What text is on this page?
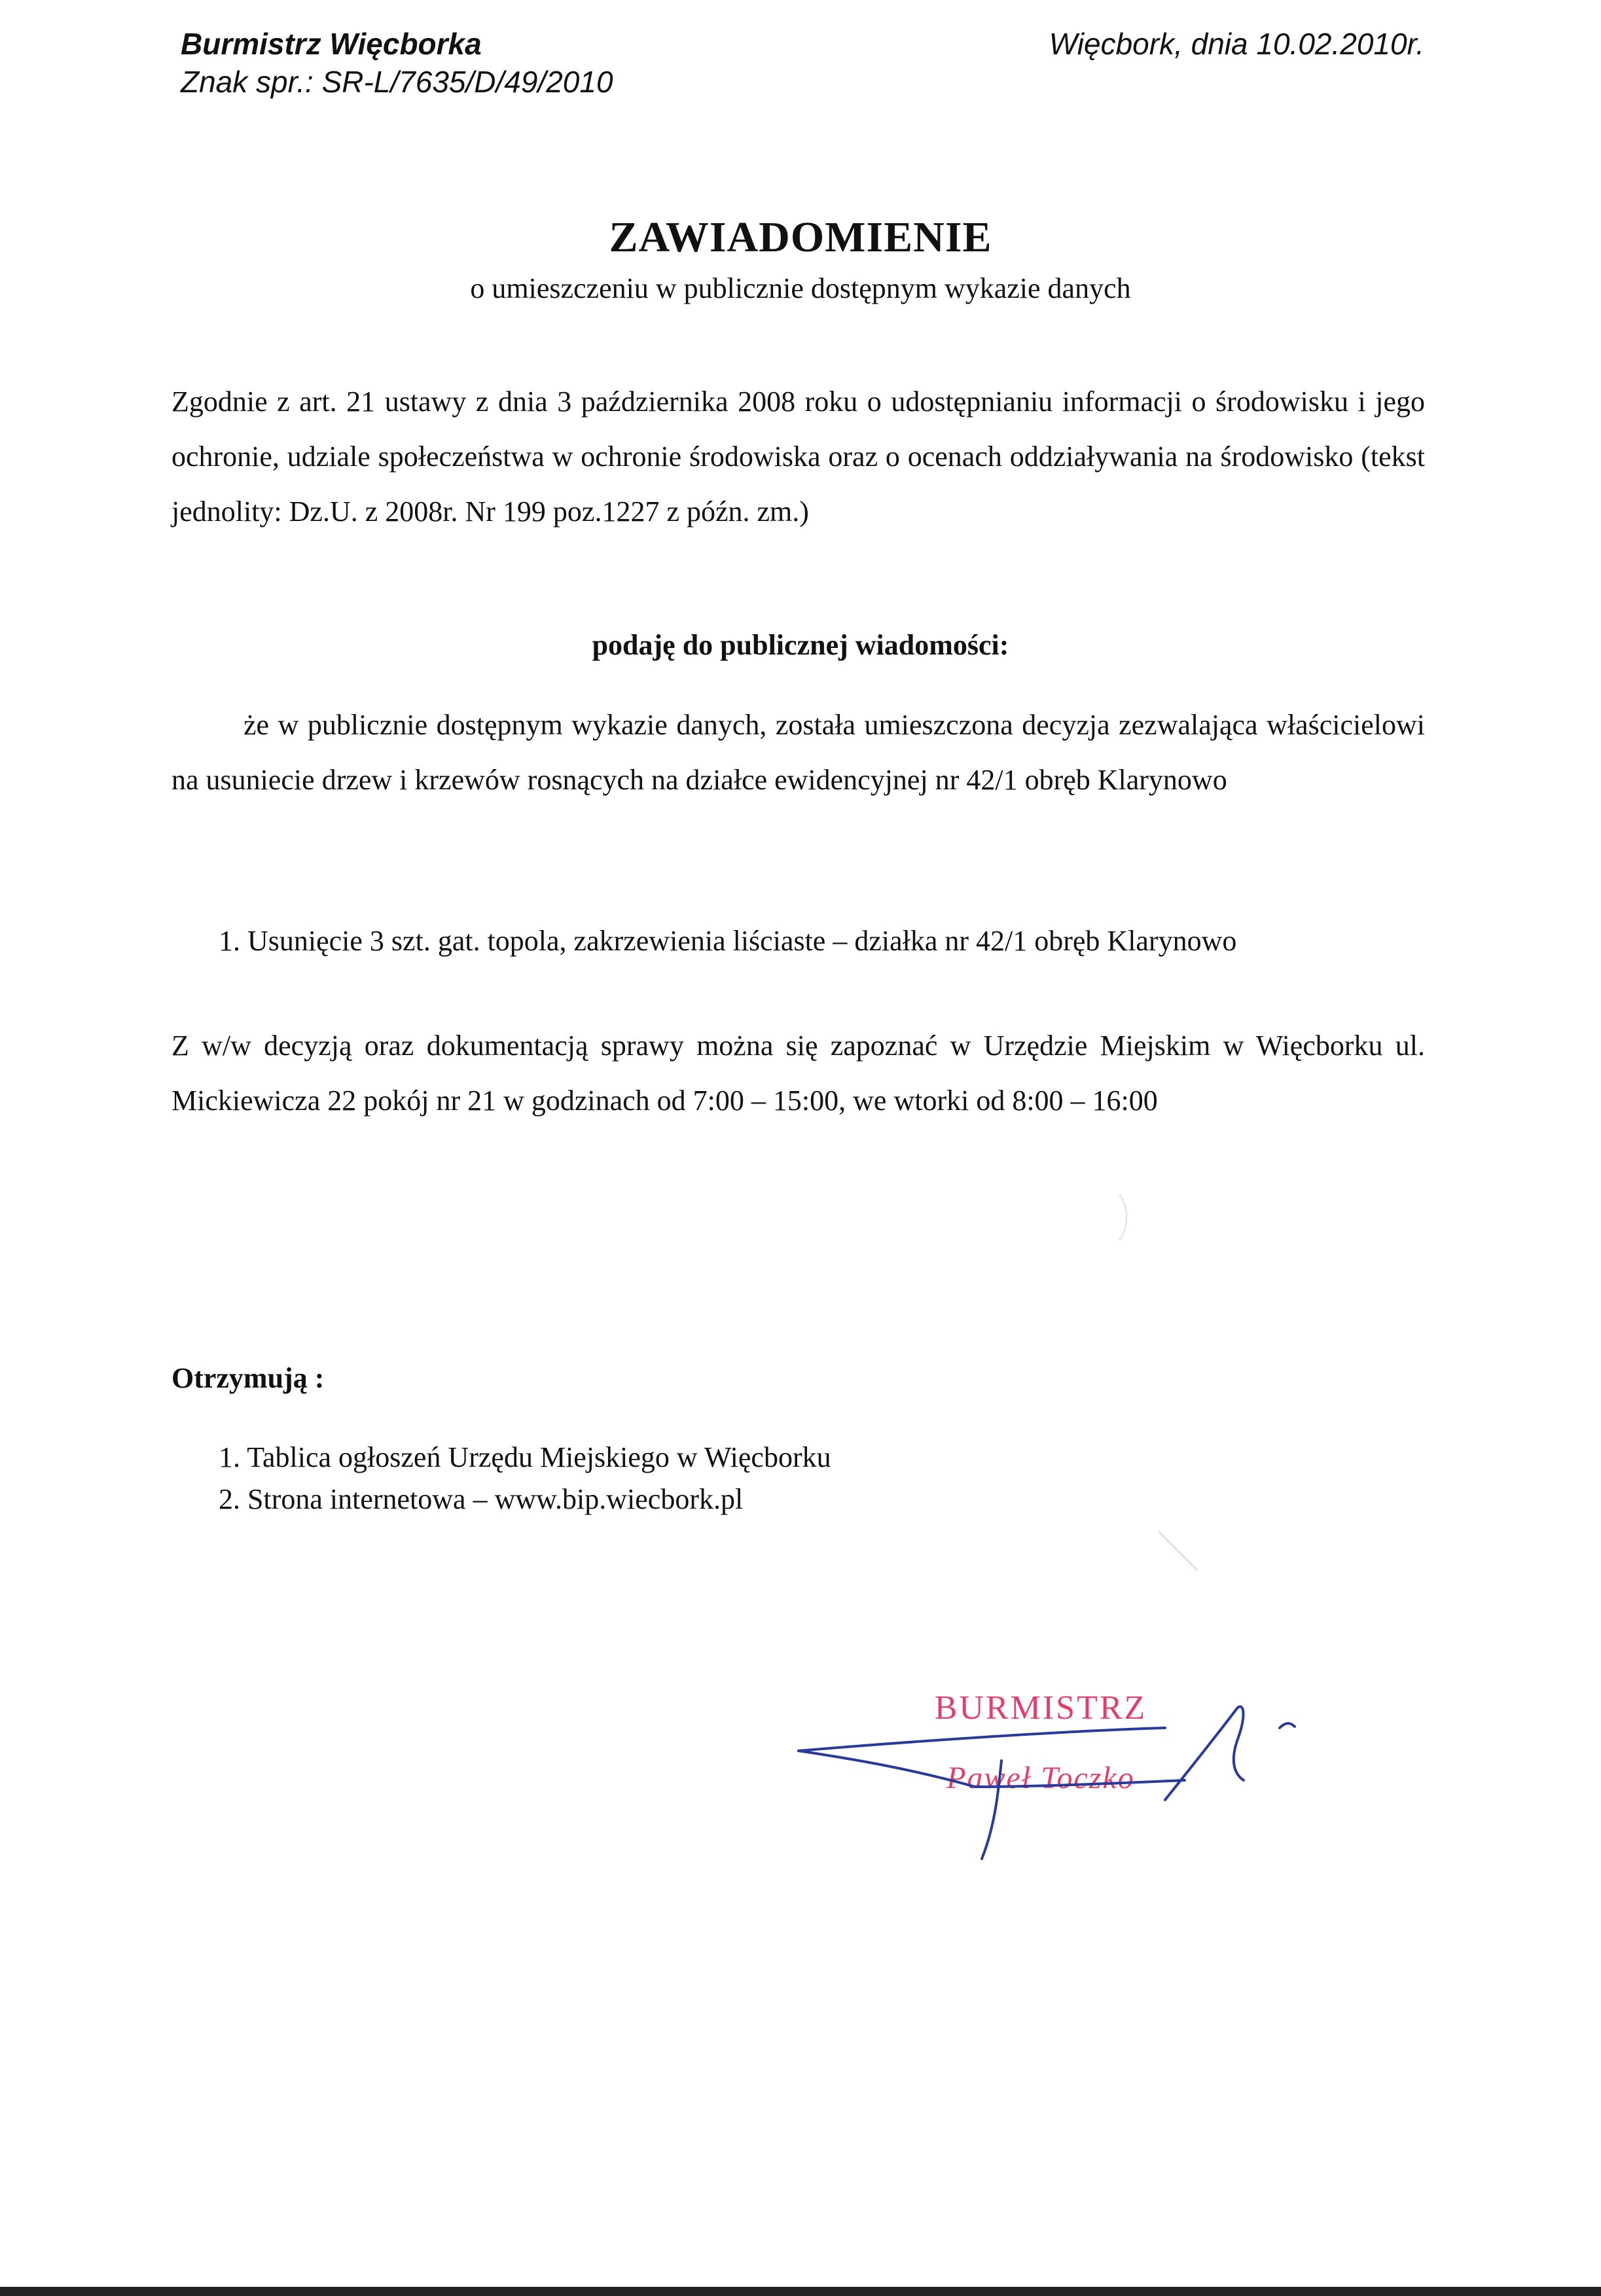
Burmistrz Więcborka
Znak spr.: SR-L/7635/D/49/2010
Więcbork, dnia 10.02.2010r.
ZAWIADOMIENIE
o umieszczeniu w publicznie dostępnym wykazie danych
Zgodnie z art. 21 ustawy z dnia 3 października 2008 roku o udostępnianiu informacji o środowisku i jego ochronie, udziale społeczeństwa w ochronie środowiska oraz o ocenach oddziaływania na środowisko (tekst jednolity: Dz.U. z 2008r. Nr 199 poz.1227 z późn. zm.)
podaję do publicznej wiadomości:
że w publicznie dostępnym wykazie danych, została umieszczona decyzja zezwalająca właścicielowi na usuniecie drzew i krzewów rosnących na działce ewidencyjnej nr 42/1 obręb Klarynowo
1. Usunięcie 3 szt. gat. topola, zakrzewienia liściaste – działka nr 42/1 obręb Klarynowo
Z w/w decyzją oraz dokumentacją sprawy można się zapoznać w Urzędzie Miejskim w Więcborku ul. Mickiewicza 22 pokój nr 21 w godzinach od 7:00 – 15:00, we wtorki od 8:00 – 16:00
Otrzymują :
1. Tablica ogłoszeń Urzędu Miejskiego w Więcborku
2. Strona internetowa – www.bip.wiecbork.pl
BURMISTRZ
Paweł Toczko
